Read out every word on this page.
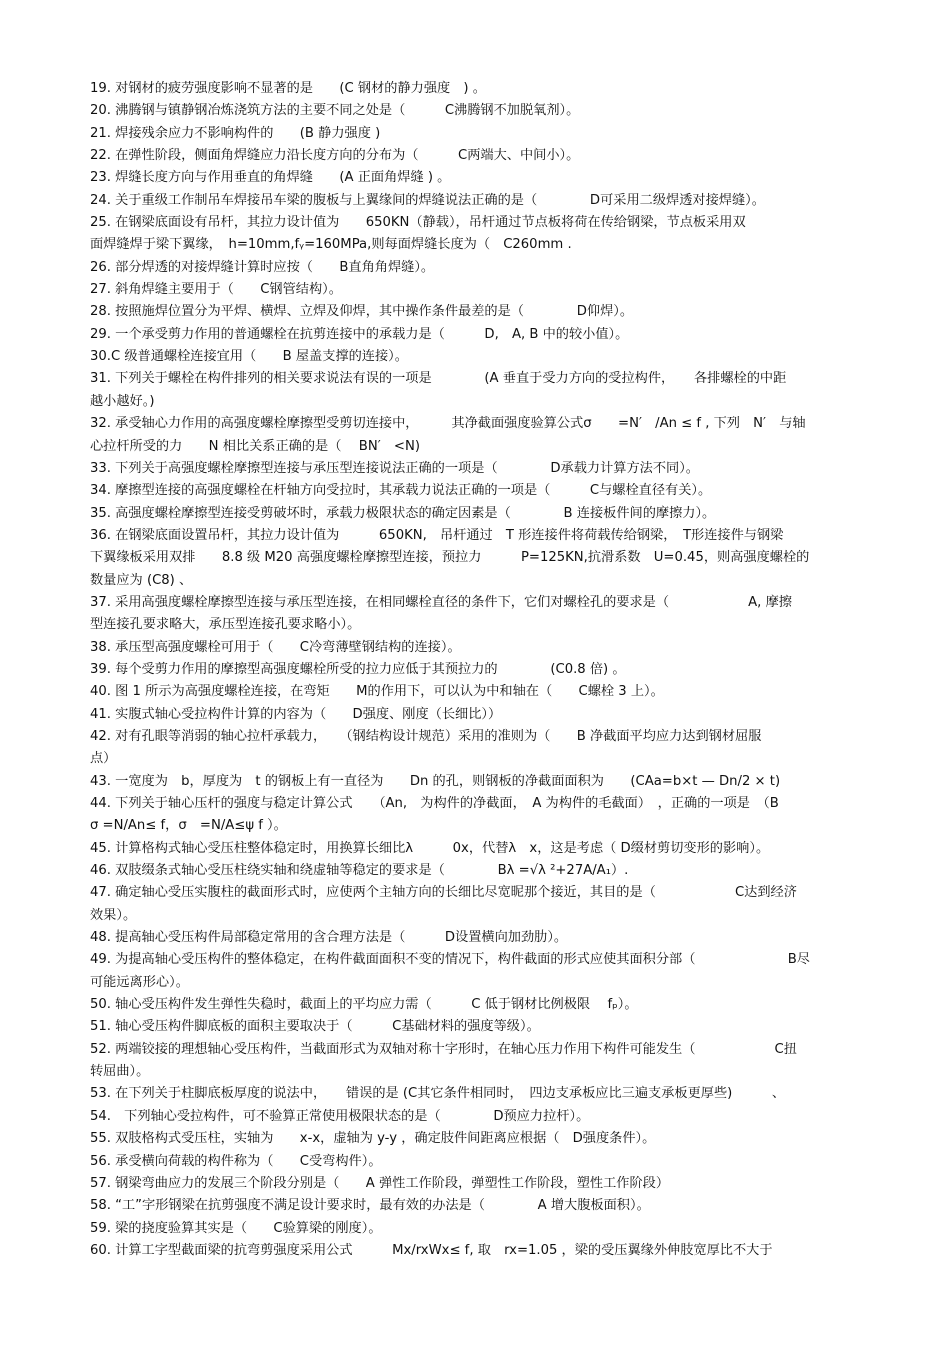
19. 对钢材的疲劳强度影响不显著的是　　(C 钢材的静力强度　) 。
20. 沸腾钢与镇静钢冶炼浇筑方法的主要不同之处是（　　　C沸腾钢不加脱氧剂）。
21. 焊接残余应力不影响构件的　　(B 静力强度 )
22. 在弹性阶段，侧面角焊缝应力沿长度方向的分布为（　　　C两端大、中间小）。
23. 焊缝长度方向与作用垂直的角焊缝　　(A 正面角焊缝 ) 。
24. 关于重级工作制吊车焊接吊车梁的腹板与上翼缘间的焊缝说法正确的是（　　　　D可采用二级焊透对接焊缝）。
25. 在钢梁底面设有吊杆，其拉力设计值为　　650KN（静载），吊杆通过节点板将荷在传给钢梁，节点板采用双
面焊缝焊于梁下翼缘，　h=10mm,fᵧ=160MPa,则每面焊缝长度为（　C260mm .
26. 部分焊透的对接焊缝计算时应按（　　B直角角焊缝）。
27. 斜角焊缝主要用于（　　C钢管结构）。
28. 按照施焊位置分为平焊、横焊、立焊及仰焊，其中操作条件最差的是（　　　　D仰焊）。
29. 一个承受剪力作用的普通螺栓在抗剪连接中的承载力是（　　　D,　A, B 中的较小值）。
30.C 级普通螺栓连接宜用（　　B 屋盖支撑的连接）。
31. 下列关于螺栓在构件排列的相关要求说法有误的一项是　　　　(A 垂直于受力方向的受拉构件，　　各排螺栓的中距
越小越好。)
32. 承受轴心力作用的高强度螺栓摩擦型受剪切连接中，　　　其净截面强度验算公式σ　　=N′　/An ≤ f , 下列　N′　与轴
心拉杆所受的力　　N 相比关系正确的是（　 BN′　<N)
33. 下列关于高强度螺栓摩擦型连接与承压型连接说法正确的一项是（　　　　D承载力计算方法不同）。
34. 摩擦型连接的高强度螺栓在杆轴方向受拉时，其承载力说法正确的一项是（　　　C与螺栓直径有关）。
35. 高强度螺栓摩擦型连接受剪破坏时，承载力极限状态的确定因素是（　　　　B 连接板件间的摩擦力）。
36. 在钢梁底面设置吊杆，其拉力设计值为　　　650KN,　吊杆通过　T 形连接件将荷载传给钢梁，　T形连接件与钢梁
下翼缘板采用双排　　8.8 级 M20 高强度螺栓摩擦型连接，预拉力　　　P=125KN,抗滑系数　U=0.45，则高强度螺栓的
数量应为 (C8) 、
37. 采用高强度螺栓摩擦型连接与承压型连接，在相同螺栓直径的条件下，它们对螺栓孔的要求是（　　　　　　A, 摩擦
型连接孔要求略大，承压型连接孔要求略小）。
38. 承压型高强度螺栓可用于（　　C冷弯薄壁钢结构的连接）。
39. 每个受剪力作用的摩擦型高强度螺栓所受的拉力应低于其预拉力的　　　　(C0.8 倍) 。
40. 图 1 所示为高强度螺栓连接，在弯矩　　M的作用下，可以认为中和轴在（　　C螺栓 3 上）。
41. 实腹式轴心受拉构件计算的内容为（　　D强度、刚度（长细比））
42. 对有孔眼等消弱的轴心拉杆承载力，　　（钢结构设计规范）采用的准则为（　　B 净截面平均应力达到钢材屈服
点）
43. 一宽度为　b，厚度为　t 的钢板上有一直径为　　Dn 的孔，则钢板的净截面面积为　　(CAa=b×t — Dn/2 × t)
44. 下列关于轴心压杆的强度与稳定计算公式　　（An,　为构件的净截面，　A 为构件的毛截面）　，正确的一项是　（B
σ =N/An≤ f，σ　=N/A≤ψ f ）。
45. 计算格构式轴心受压柱整体稳定时，用换算长细比λ　　　0x，代替λ　x，这是考虑（ D缀材剪切变形的影响）。
46. 双肢缀条式轴心受压柱绕实轴和绕虚轴等稳定的要求是（　　　　Bλ =√λ ²+27A/A₁）.
47. 确定轴心受压实腹柱的截面形式时，应使两个主轴方向的长细比尽宽昵那个接近，其目的是（　　　　　　C达到经济
效果）。
48. 提高轴心受压构件局部稳定常用的含合理方法是（　　　D设置横向加劲肋）。
49. 为提高轴心受压构件的整体稳定，在构件截面面积不变的情况下，构件截面的形式应使其面积分部（　　　　　　　B尽
可能远离形心）。
50. 轴心受压构件发生弹性失稳时，截面上的平均应力需（　　　C 低于钢材比例极限　 fₚ）。
51. 轴心受压构件脚底板的面积主要取决于（　　　C基础材料的强度等级）。
52. 两端铰接的理想轴心受压构件，当截面形式为双轴对称十字形时，在轴心压力作用下构件可能发生（　　　　　　C扭
转屈曲）。
53. 在下列关于柱脚底板厚度的说法中，　　错误的是 (C其它条件相同时，　四边支承板应比三遍支承板更厚些)　　　、
54.　下列轴心受拉构件，可不验算正常使用极限状态的是（　　　　D预应力拉杆）。
55. 双肢格构式受压柱，实轴为　　x-x，虚轴为 y-y ，确定肢件间距离应根据（　D强度条件）。
56. 承受横向荷载的构件称为（　　C受弯构件）。
57. 钢梁弯曲应力的发展三个阶段分别是（　　A 弹性工作阶段，弹塑性工作阶段，塑性工作阶段）
58. “工”字形钢梁在抗剪强度不满足设计要求时，最有效的办法是（　　　　A 增大腹板面积）。
59. 梁的挠度验算其实是（　　C验算梁的刚度）。
60. 计算工字型截面梁的抗弯剪强度采用公式　　　Mx/rxWx≤ f, 取　rx=1.05 ，梁的受压翼缘外伸肢宽厚比不大于
